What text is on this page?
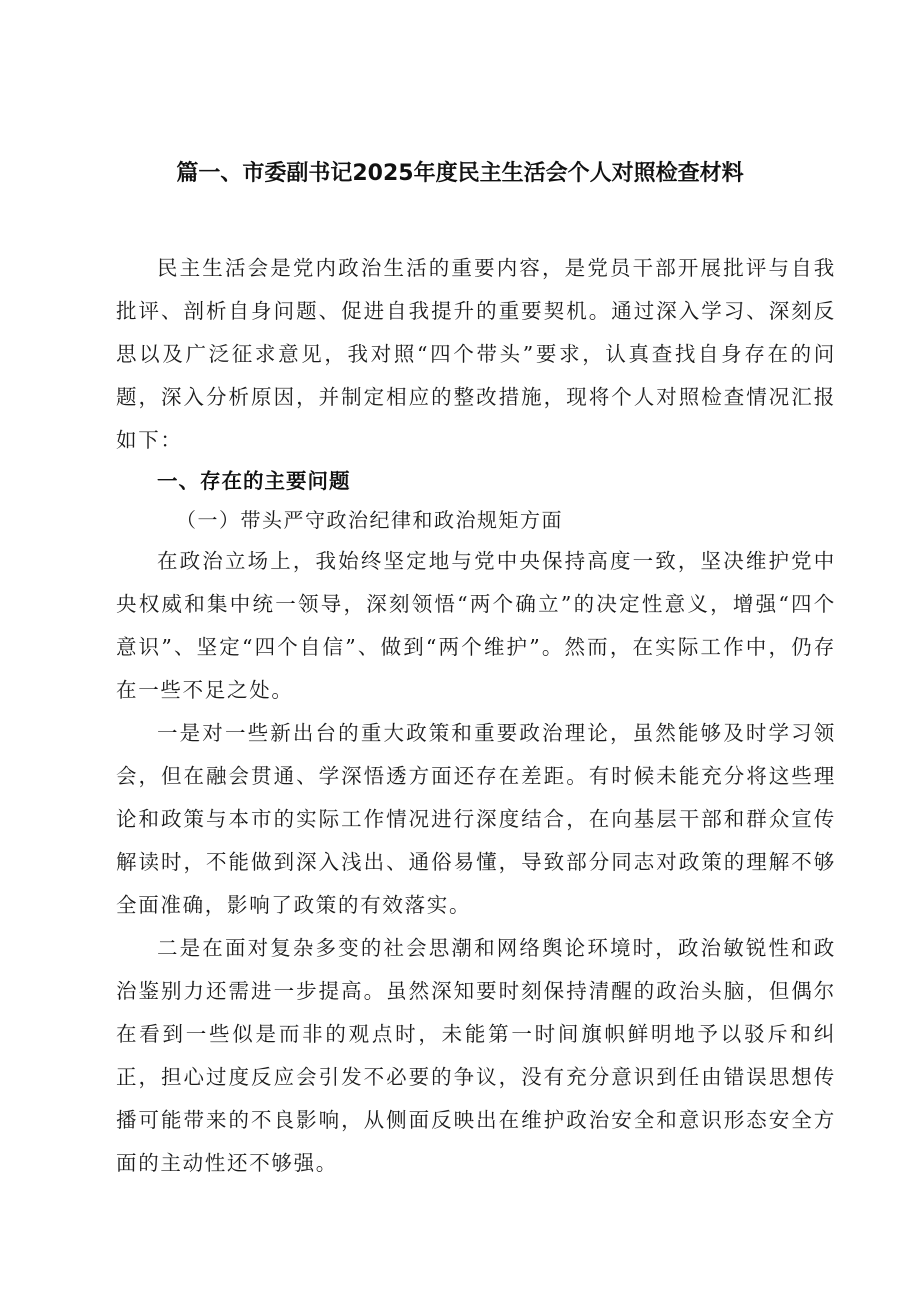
篇一、市委副书记2025年度民主生活会个人对照检查材料

民主生活会是党内政治生活的重要内容，是党员干部开展批评与自我批评、剖析自身问题、促进自我提升的重要契机。通过深入学习、深刻反思以及广泛征求意见，我对照“四个带头”要求，认真查找自身存在的问题，深入分析原因，并制定相应的整改措施，现将个人对照检查情况汇报如下：

一、存在的主要问题

（一）带头严守政治纪律和政治规矩方面

在政治立场上，我始终坚定地与党中央保持高度一致，坚决维护党中央权威和集中统一领导，深刻领悟“两个确立”的决定性意义，增强“四个意识”、坚定“四个自信”、做到“两个维护”。然而，在实际工作中，仍存在一些不足之处。

一是对一些新出台的重大政策和重要政治理论，虽然能够及时学习领会，但在融会贯通、学深悟透方面还存在差距。有时候未能充分将这些理论和政策与本市的实际工作情况进行深度结合，在向基层干部和群众宣传解读时，不能做到深入浅出、通俗易懂，导致部分同志对政策的理解不够全面准确，影响了政策的有效落实。

二是在面对复杂多变的社会思潮和网络舆论环境时，政治敏锐性和政治鉴别力还需进一步提高。虽然深知要时刻保持清醒的政治头脑，但偶尔在看到一些似是而非的观点时，未能第一时间旗帜鲜明地予以驳斥和纠正，担心过度反应会引发不必要的争议，没有充分意识到任由错误思想传播可能带来的不良影响，从侧面反映出在维护政治安全和意识形态安全方面的主动性还不够强。
